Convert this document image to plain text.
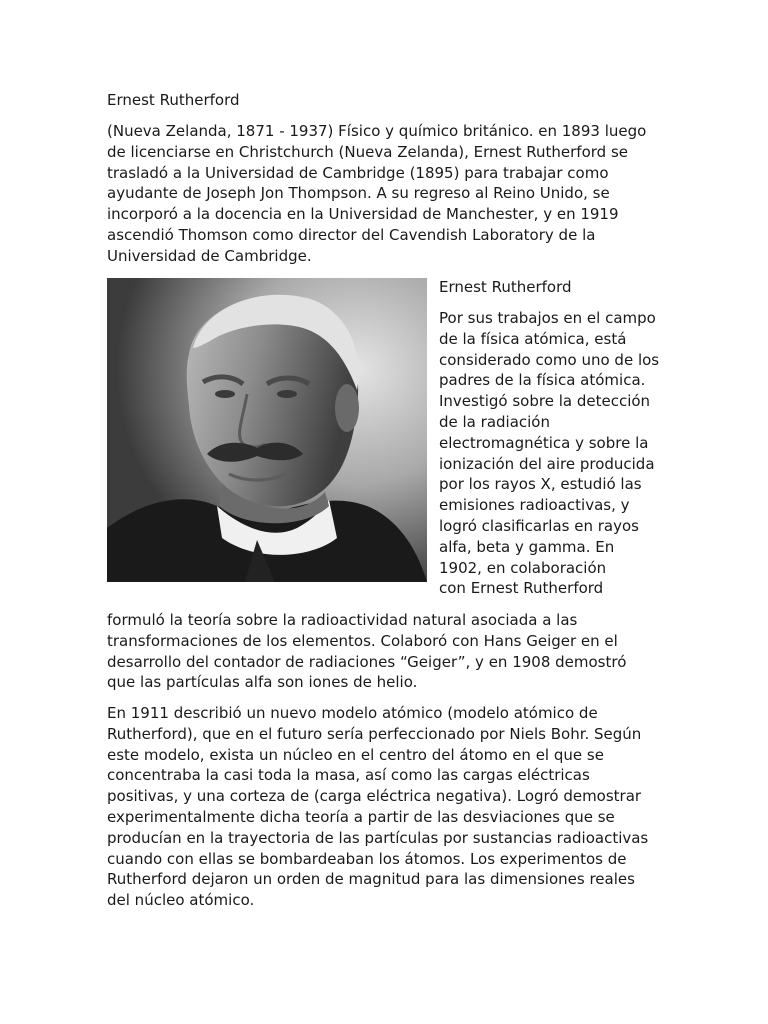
Ernest Rutherford
(Nueva Zelanda, 1871 - 1937) Físico y químico británico. en 1893 luego
de licenciarse en Christchurch (Nueva Zelanda), Ernest Rutherford se
trasladó a la Universidad de Cambridge (1895) para trabajar como
ayudante de Joseph Jon Thompson. A su regreso al Reino Unido, se
incorporó a la docencia en la Universidad de Manchester, y en 1919
ascendió Thomson como director del Cavendish Laboratory de la
Universidad de Cambridge.
Ernest Rutherford
Por sus trabajos en el campo
de la física atómica, está
considerado como uno de los
padres de la física atómica.
Investigó sobre la detección
de la radiación
electromagnética y sobre la
ionización del aire producida
por los rayos X, estudió las
emisiones radioactivas, y
logró clasificarlas en rayos
alfa, beta y gamma. En
1902, en colaboración
con Ernest Rutherford
formuló la teoría sobre la radioactividad natural asociada a las
transformaciones de los elementos. Colaboró con Hans Geiger en el
desarrollo del contador de radiaciones “Geiger”, y en 1908 demostró
que las partículas alfa son iones de helio.
En 1911 describió un nuevo modelo atómico (modelo atómico de
Rutherford), que en el futuro sería perfeccionado por Niels Bohr. Según
este modelo, exista un núcleo en el centro del átomo en el que se
concentraba la casi toda la masa, así como las cargas eléctricas
positivas, y una corteza de (carga eléctrica negativa). Logró demostrar
experimentalmente dicha teoría a partir de las desviaciones que se
producían en la trayectoria de las partículas por sustancias radioactivas
cuando con ellas se bombardeaban los átomos. Los experimentos de
Rutherford dejaron un orden de magnitud para las dimensiones reales
del núcleo atómico.
